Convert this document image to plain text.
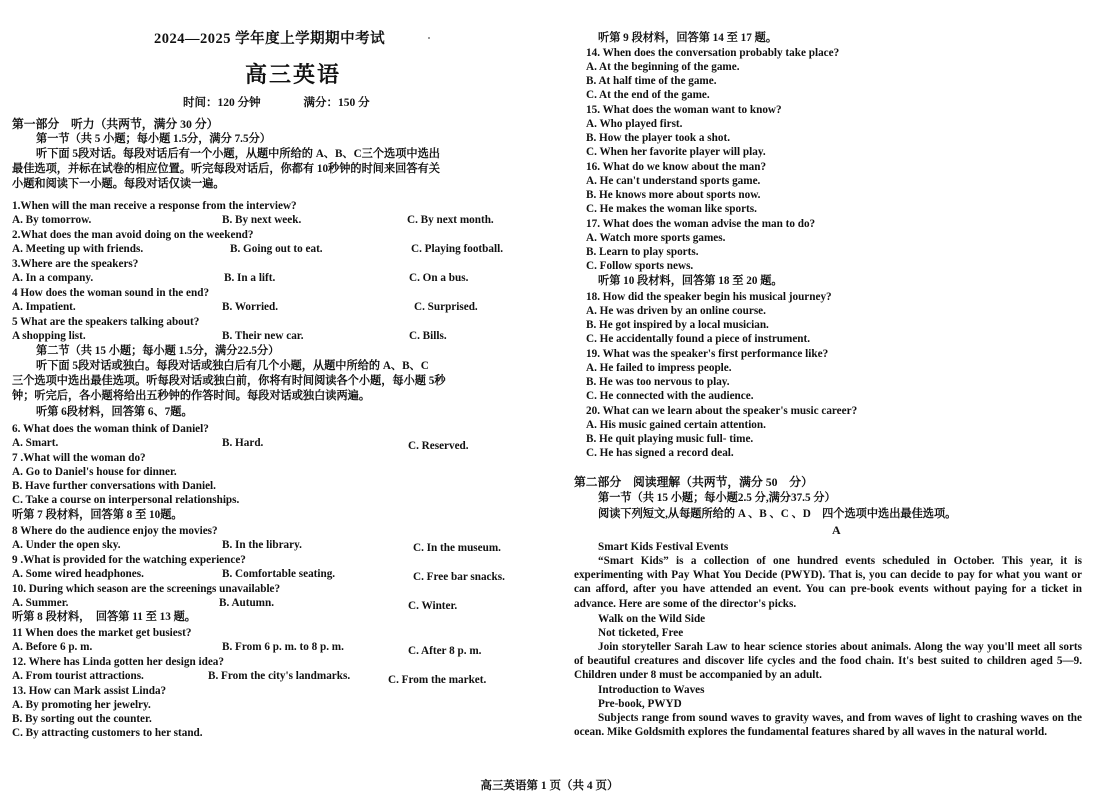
2024—2025 学年度上学期期中考试
高三英语
时间：120 分钟	满分：150 分
第一部分　听力（共两节，满分 30 分）
第一节（共 5 小题；每小题 1.5分，满分 7.5分）
听下面 5段对话。每段对话后有一个小题，从题中所给的 A、B、C三个选项中选出
最佳选项，并标在试卷的相应位置。听完每段对话后，你都有 10秒钟的时间来回答有关
小题和阅读下一小题。每段对话仅读一遍。
1.When will the man receive a response from the interview?
A. By tomorrow.	B. By next week.	C. By next month.
2.What does the man avoid doing on the weekend?
A. Meeting up with friends.	B. Going out to eat.	C. Playing football.
3.Where are the speakers?
A. In a company.	B. In a lift.	C. On a bus.
4 How does the woman sound in the end?
A. Impatient.	B. Worried.	C. Surprised.
5 What are the speakers talking about?
A shopping list.	B. Their new car.	C. Bills.
第二节（共 15 小题；每小题 1.5分，满分22.5分）
听下面 5段对话或独白。每段对话或独白后有几个小题，从题中所给的 A、B、C
三个选项中选出最佳选项。听每段对话或独白前，你将有时间阅读各个小题，每小题 5秒
钟；听完后，各小题将给出五秒钟的作答时间。每段对话或独白读两遍。
听第 6段材料，回答第 6、7题。
6. What does the woman think of Daniel?
A. Smart.	B. Hard.	C. Reserved.
7 .What will the woman do?
A. Go to Daniel's house for dinner.
B. Have further conversations with Daniel.
C. Take a course on interpersonal relationships.
听第 7 段材料，回答第 8 至 10题。
8 Where do the audience enjoy the movies?
A. Under the open sky.	B. In the library.	C. In the museum.
9 .What is provided for the watching experience?
A. Some wired headphones.	B. Comfortable seating.	C. Free bar snacks.
10. During which season are the screenings unavailable?
A. Summer.	B. Autumn.	C. Winter.
听第 8 段材料，　回答第 11 至 13 题。
11 When does the market get busiest?
A. Before 6 p. m.	B. From 6 p. m. to 8 p. m.	C. After 8 p. m.
12. Where has Linda gotten her design idea?
A. From tourist attractions.	B. From the city's landmarks.	C. From the market.
13. How can Mark assist Linda?
A. By promoting her jewelry.
B. By sorting out the counter.
C. By attracting customers to her stand.
听第 9 段材料，回答第 14 至 17 题。
14. When does the conversation probably take place?
A. At the beginning of the game.
B. At half time of the game.
C. At the end of the game.
15. What does the woman want to know?
A. Who played first.
B. How the player took a shot.
C. When her favorite player will play.
16. What do we know about the man?
A. He can't understand sports game.
B. He knows more about sports now.
C. He makes the woman like sports.
17. What does the woman advise the man to do?
A. Watch more sports games.
B. Learn to play sports.
C. Follow sports news.
听第 10 段材料，回答第 18 至 20 题。
18. How did the speaker begin his musical journey?
A. He was driven by an online course.
B. He got inspired by a local musician.
C. He accidentally found a piece of instrument.
19. What was the speaker's first performance like?
A. He failed to impress people.
B. He was too nervous to play.
C. He connected with the audience.
20. What can we learn about the speaker's music career?
A. His music gained certain attention.
B. He quit playing music full- time.
C. He has signed a record deal.
第二部分　阅读理解（共两节，满分 50　分）
第一节（共 15 小题；每小题2.5 分,满分37.5 分）
阅读下列短文,从每题所给的 A 、B 、C 、D　四个选项中选出最佳选项。
A
Smart Kids Festival Events
“Smart Kids” is a collection of one hundred events scheduled in October. This year, it is experimenting with Pay What You Decide (PWYD). That is, you can decide to pay for what you want or can afford, after you have attended an event. You can pre-book events without paying for a ticket in advance. Here are some of the director's picks.
Walk on the Wild Side
Not ticketed, Free
Join storyteller Sarah Law to hear science stories about animals. Along the way you'll meet all sorts of beautiful creatures and discover life cycles and the food chain. It's best suited to children aged 5—9. Children under 8 must be accompanied by an adult.
Introduction to Waves
Pre-book, PWYD
Subjects range from sound waves to gravity waves, and from waves of light to crashing waves on the ocean. Mike Goldsmith explores the fundamental features shared by all waves in the natural world.
高三英语第 1 页（共 4 页）
